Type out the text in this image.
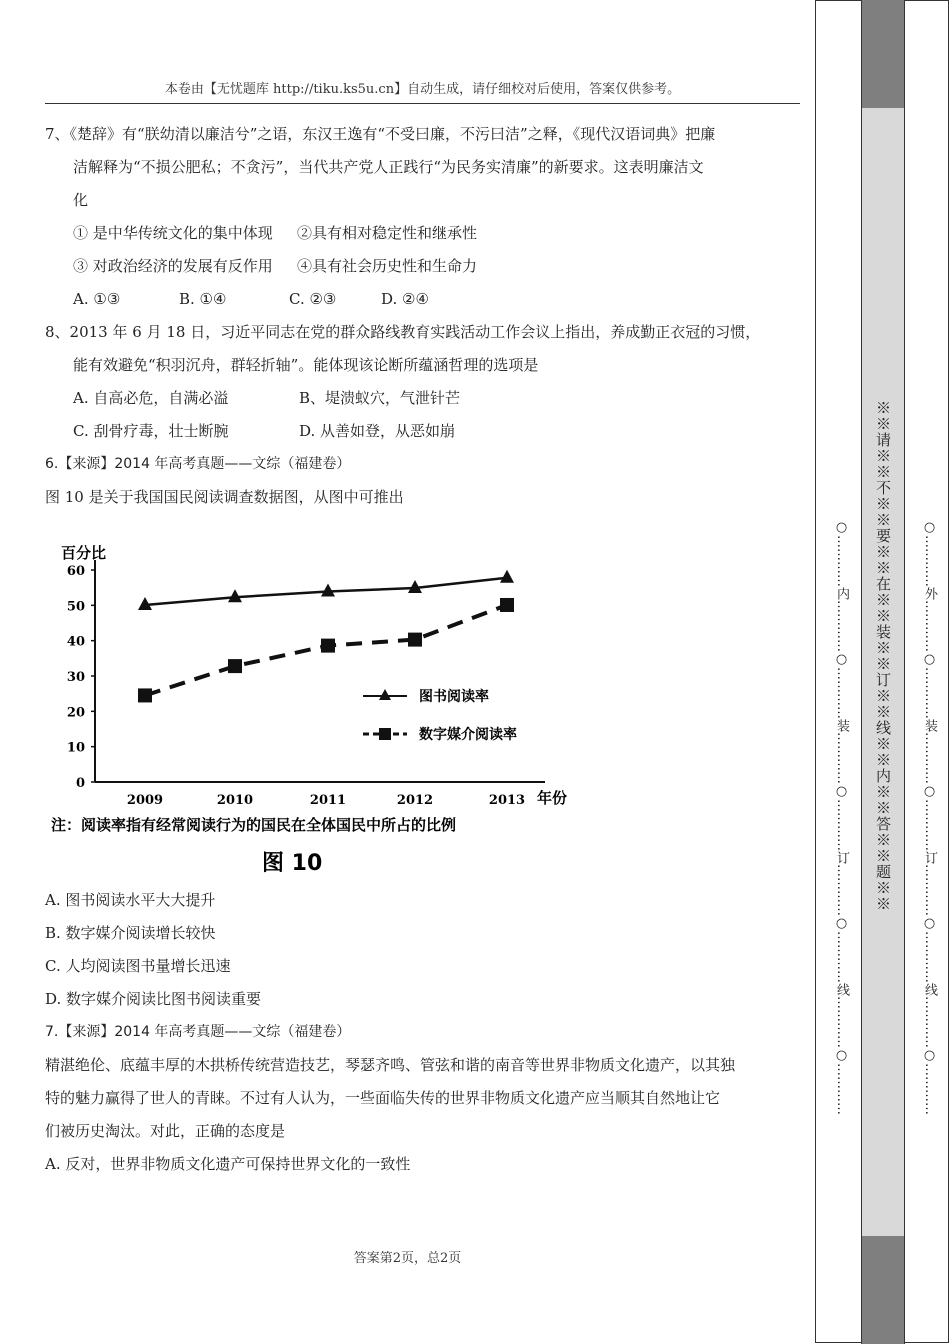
本卷由【无忧题库 http://tiku.ks5u.cn】自动生成，请仔细校对后使用，答案仅供参考。

7、《楚辞》有“朕幼清以廉洁兮”之语，东汉王逸有“不受曰廉，不污曰洁”之释，《现代汉语词典》把廉

洁解释为“不损公肥私；不贪污”，当代共产党人正践行“为民务实清廉”的新要求。这表明廉洁文

化

① 是中华传统文化的集中体现 ②具有相对稳定性和继承性

③ 对政治经济的发展有反作用 ④具有社会历史性和生命力

A. ①③	B. ①④	C. ②③	D. ②④

8、2013 年 6 月 18 日，习近平同志在党的群众路线教育实践活动工作会议上指出，养成勤正衣冠的习惯，

能有效避免“积羽沉舟，群轻折轴”。能体现该论断所蕴涵哲理的选项是

A. 自高必危，自满必溢	B、堤溃蚁穴，气泄针芒

C. 刮骨疗毒，壮士断腕	D. 从善如登，从恶如崩

6.【来源】2014 年高考真题——文综（福建卷）

图 10 是关于我国国民阅读调查数据图，从图中可推出

百分比
年份
注：阅读率指有经常阅读行为的国民在全体国民中所占的比例
图 10
0
10
20
30
40
50
60
2009	2010	2011	2012	2013
图书阅读率
数字媒介阅读率

A. 图书阅读水平大大提升

B. 数字媒介阅读增长较快

C. 人均阅读图书量增长迅速

D. 数字媒介阅读比图书阅读重要

7.【来源】2014 年高考真题——文综（福建卷）

精湛绝伦、底蕴丰厚的木拱桥传统营造技艺，琴瑟齐鸣、管弦和谐的南音等世界非物质文化遗产，以其独

特的魅力赢得了世人的青睐。不过有人认为，一些面临失传的世界非物质文化遗产应当顺其自然地让它

们被历史淘汰。对此，正确的态度是

A. 反对，世界非物质文化遗产可保持世界文化的一致性

答案第2页，总2页
※※请※※不※※要※※在※※装※※订※※线※※内※※答※※题※※
○…………内…………○…………装…………○…………订…………○…………线…………○…………	○…………外…………○…………装…………○…………订…………○…………线…………○…………
